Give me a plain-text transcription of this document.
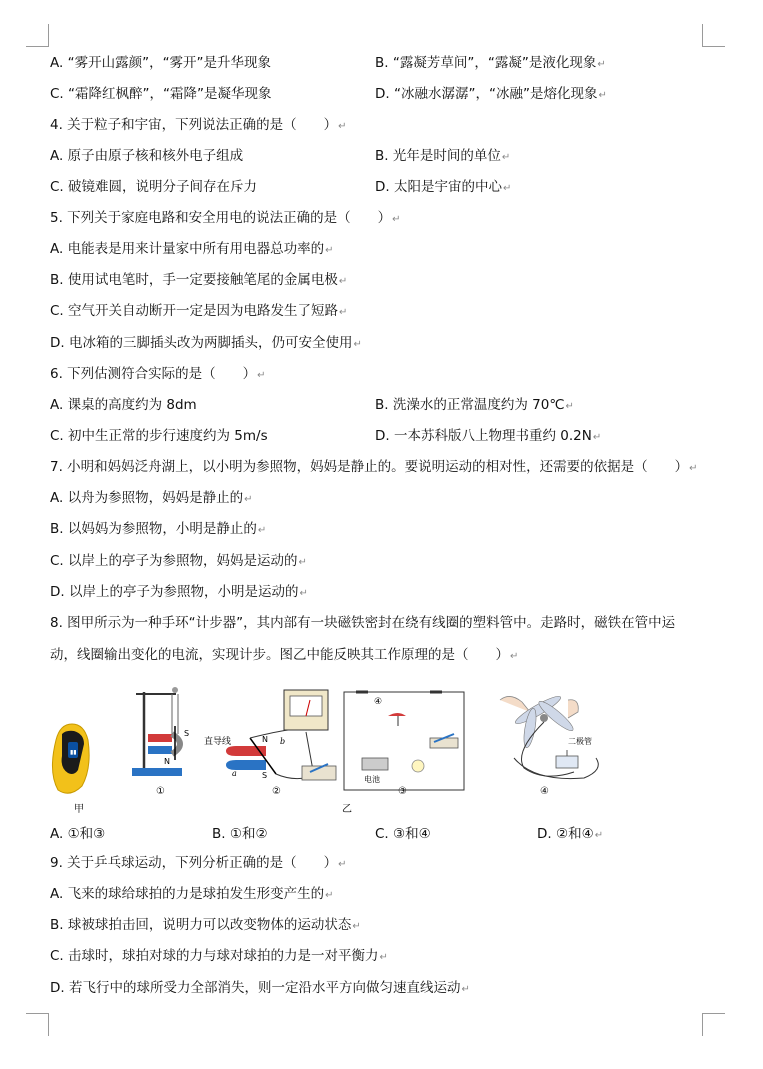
A. “雾开山露颜”，“雾开”是升华现象	B. “露凝芳草间”，“露凝”是液化现象↵
C. “霜降红枫醉”，“霜降”是凝华现象	D. “冰融水潺潺”，“冰融”是熔化现象↵
4. 关于粒子和宇宙，下列说法正确的是（　　）↵
A. 原子由原子核和核外电子组成	B. 光年是时间的单位↵
C. 破镜难圆，说明分子间存在斥力	D. 太阳是宇宙的中心↵
5. 下列关于家庭电路和安全用电的说法正确的是（　　）↵
A. 电能表是用来计量家中所有用电器总功率的↵
B. 使用试电笔时，手一定要接触笔尾的金属电极↵
C. 空气开关自动断开一定是因为电路发生了短路↵
D. 电冰箱的三脚插头改为两脚插头，仍可安全使用↵
6. 下列估测符合实际的是（　　）↵
A. 课桌的高度约为 8dm	B. 洗澡水的正常温度约为 70℃↵
C. 初中生正常的步行速度约为 5m/s	D. 一本苏科版八上物理书重约 0.2N↵
7. 小明和妈妈泛舟湖上，以小明为参照物，妈妈是静止的。要说明运动的相对性，还需要的依据是（　　）↵
A. 以舟为参照物，妈妈是静止的↵
B. 以妈妈为参照物，小明是静止的↵
C. 以岸上的亭子为参照物，妈妈是运动的↵
D. 以岸上的亭子为参照物，小明是运动的↵
8. 图甲所示为一种手环“计步器”，其内部有一块磁铁密封在绕有线圈的塑料管中。走路时，磁铁在管中运
动，线圈输出变化的电流，实现计步。图乙中能反映其工作原理的是（　　）↵
▮▮
甲	乙
①	②	③	④
④
直导线
S
N
N
S
a
b
电池
二极管
A. ①和③	B. ①和②	C. ③和④	D. ②和④↵
9. 关于乒乓球运动，下列分析正确的是（　　）↵
A. 飞来的球给球拍的力是球拍发生形变产生的↵
B. 球被球拍击回，说明力可以改变物体的运动状态↵
C. 击球时，球拍对球的力与球对球拍的力是一对平衡力↵
D. 若飞行中的球所受力全部消失，则一定沿水平方向做匀速直线运动↵
